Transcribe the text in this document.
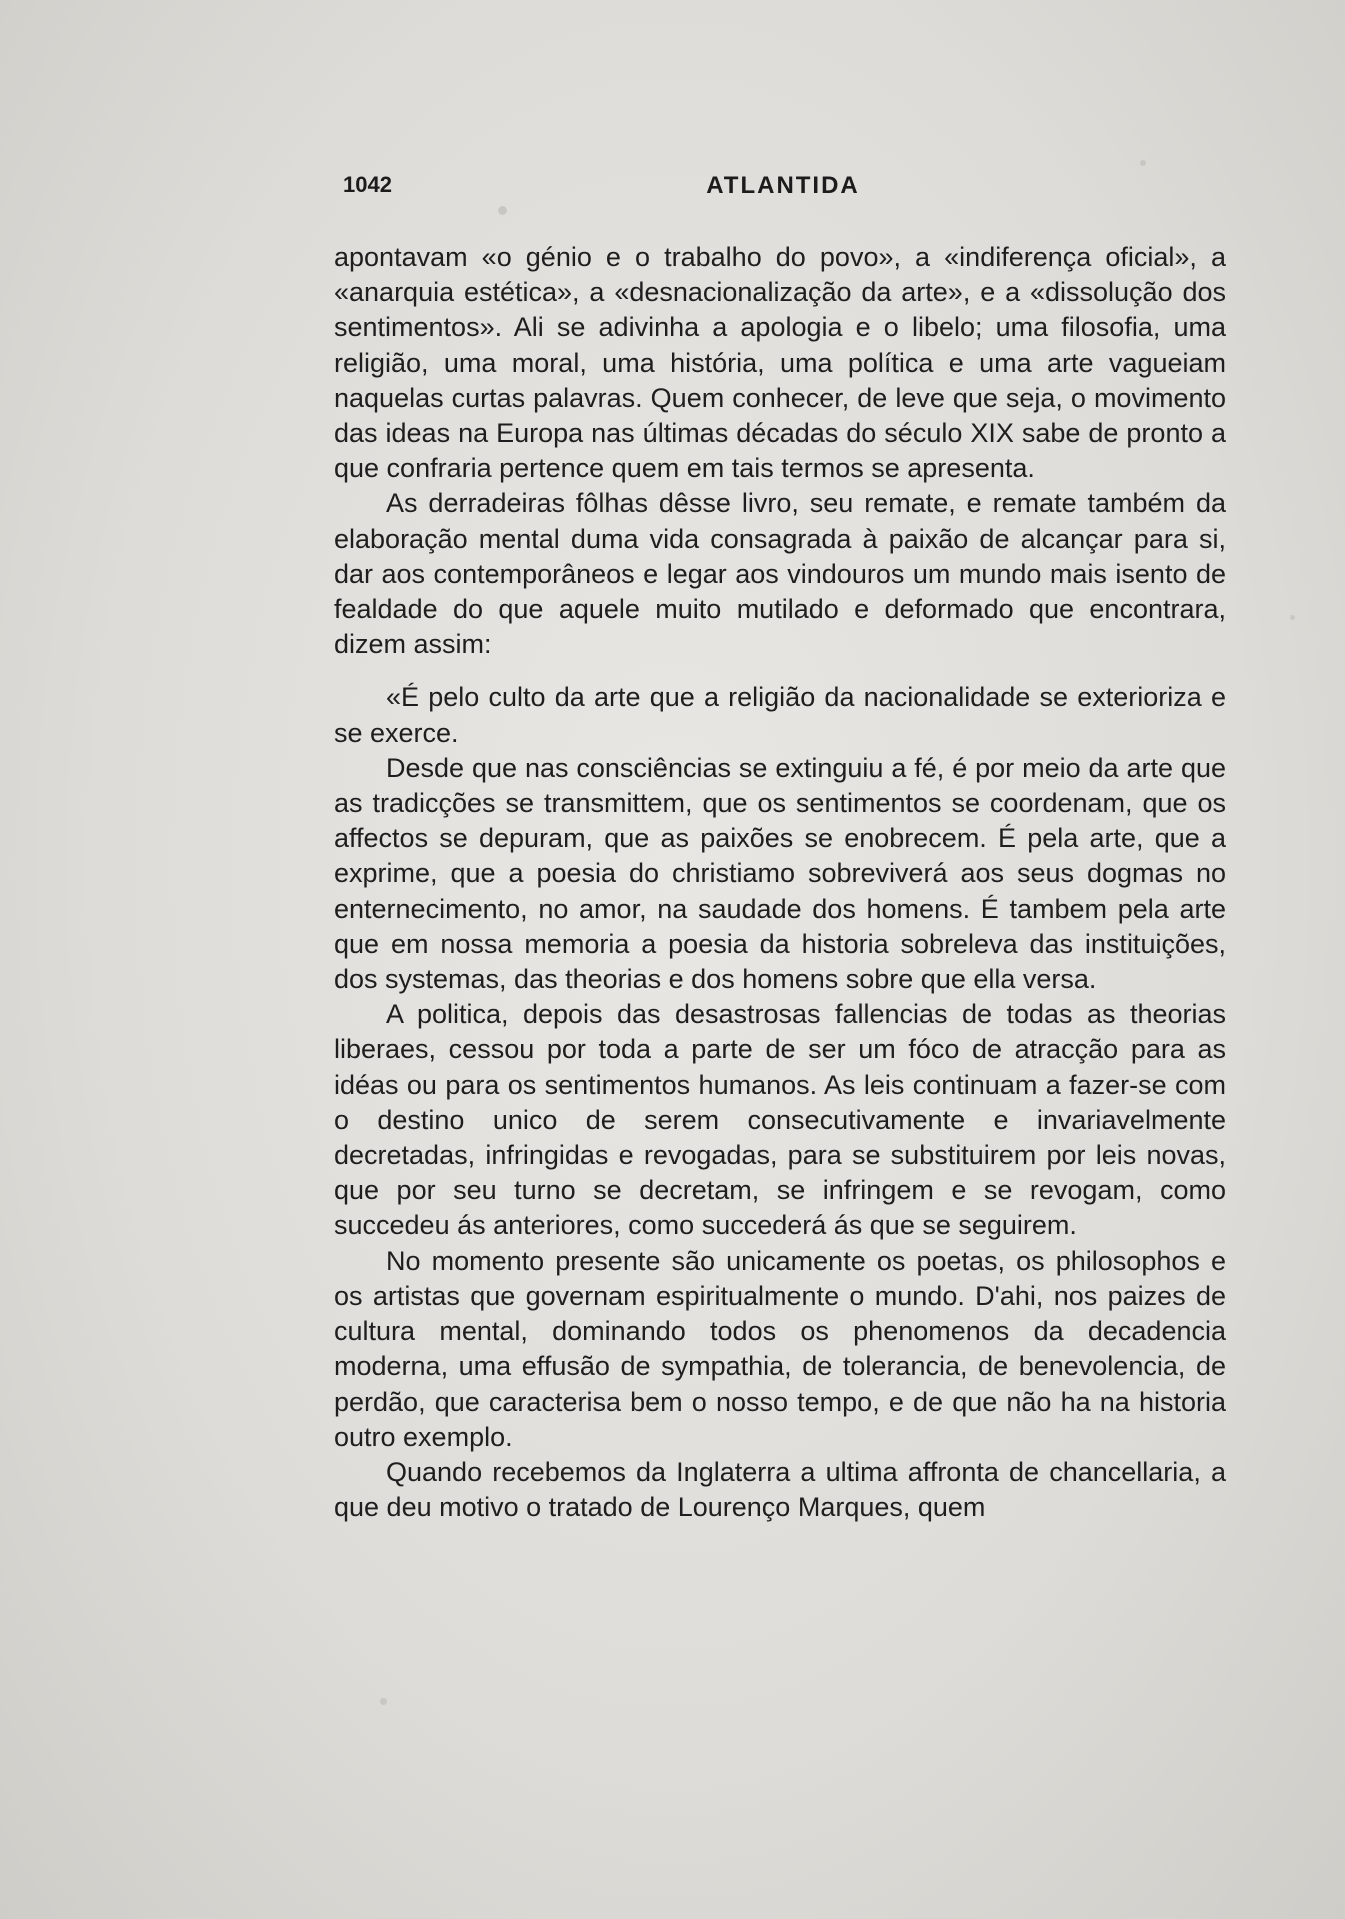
1042	ATLANTIDA

apontavam «o génio e o trabalho do povo», a «indiferença oficial», a «anarquia estética», a «desnacionalização da arte», e a «dissolução dos sentimentos». Ali se adivinha a apologia e o libelo; uma filosofia, uma religião, uma moral, uma história, uma política e uma arte vagueiam naquelas curtas palavras. Quem conhecer, de leve que seja, o movimento das ideas na Europa nas últimas décadas do século XIX sabe de pronto a que confraria pertence quem em tais termos se apresenta.

As derradeiras fôlhas dêsse livro, seu remate, e remate também da elaboração mental duma vida consagrada à paixão de alcançar para si, dar aos contemporâneos e legar aos vindouros um mundo mais isento de fealdade do que aquele muito mutilado e deformado que encontrara, dizem assim:

«É pelo culto da arte que a religião da nacionalidade se exterioriza e se exerce.

Desde que nas consciências se extinguiu a fé, é por meio da arte que as tradicções se transmittem, que os sentimentos se coordenam, que os affectos se depuram, que as paixões se enobrecem. É pela arte, que a exprime, que a poesia do christiamo sobreviverá aos seus dogmas no enternecimento, no amor, na saudade dos homens. É tambem pela arte que em nossa memoria a poesia da historia sobreleva das instituições, dos systemas, das theorias e dos homens sobre que ella versa.

A politica, depois das desastrosas fallencias de todas as theorias liberaes, cessou por toda a parte de ser um fóco de atracção para as idéas ou para os sentimentos humanos. As leis continuam a fazer-se com o destino unico de serem consecutivamente e invariavelmente decretadas, infringidas e revogadas, para se substituirem por leis novas, que por seu turno se decretam, se infringem e se revogam, como succedeu ás anteriores, como succederá ás que se seguirem.

No momento presente são unicamente os poetas, os philosophos e os artistas que governam espiritualmente o mundo. D'ahi, nos paizes de cultura mental, dominando todos os phenomenos da decadencia moderna, uma effusão de sympathia, de tolerancia, de benevolencia, de perdão, que caracterisa bem o nosso tempo, e de que não ha na historia outro exemplo.

Quando recebemos da Inglaterra a ultima affronta de chancellaria, a que deu motivo o tratado de Lourenço Marques, quem
